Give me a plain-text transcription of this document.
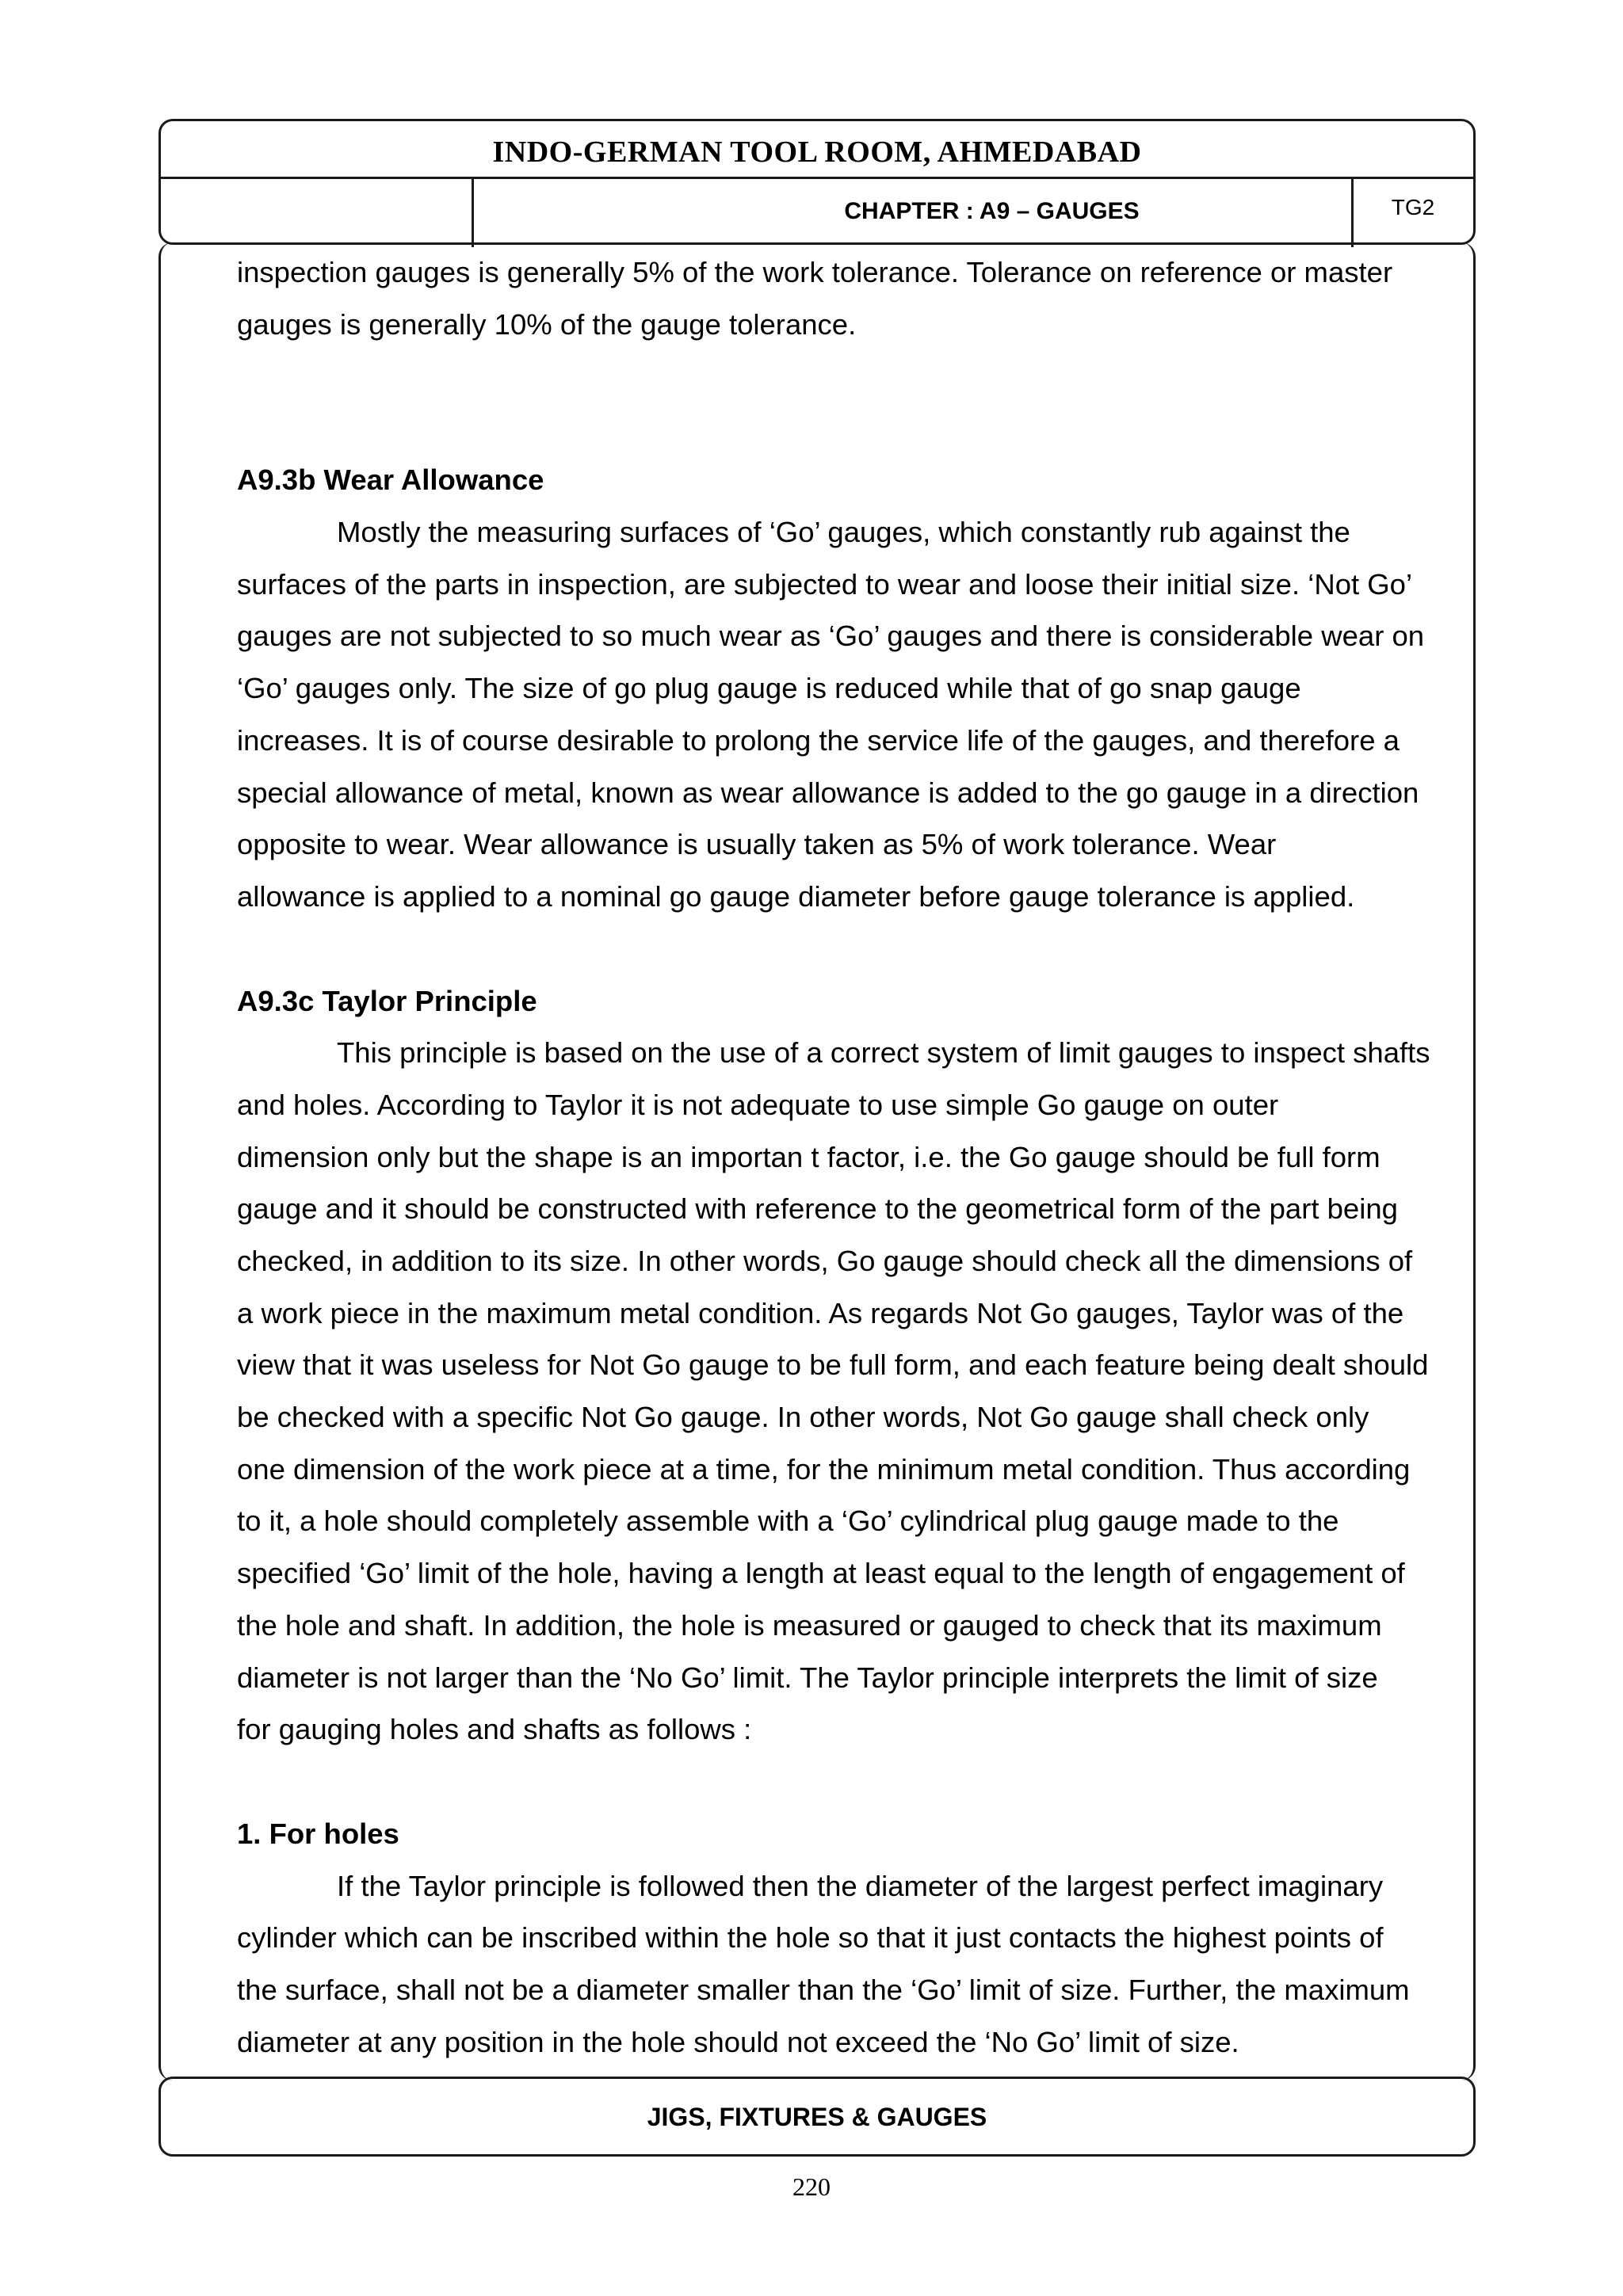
INDO-GERMAN TOOL ROOM, AHMEDABAD
CHAPTER : A9 – GAUGES	TG2
inspection gauges is generally 5% of the work tolerance. Tolerance on reference or master
gauges is generally 10% of the gauge tolerance.
A9.3b Wear Allowance
Mostly the measuring surfaces of ‘Go’ gauges, which constantly rub against the
surfaces of the parts in inspection, are subjected to wear and loose their initial size. ‘Not Go’
gauges are not subjected to so much wear as ‘Go’ gauges and there is considerable wear on
‘Go’ gauges only. The size of go plug gauge is reduced while that of go snap gauge
increases. It is of course desirable to prolong the service life of the gauges, and therefore a
special allowance of metal, known as wear allowance is added to the go gauge in a direction
opposite to wear. Wear allowance is usually taken as 5% of work tolerance. Wear
allowance is applied to a nominal go gauge diameter before gauge tolerance is applied.
A9.3c Taylor Principle
This principle is based on the use of a correct system of limit gauges to inspect shafts
and holes. According to Taylor it is not adequate to use simple Go gauge on outer
dimension only but the shape is an importan t factor, i.e. the Go gauge should be full form
gauge and it should be constructed with reference to the geometrical form of the part being
checked, in addition to its size. In other words, Go gauge should check all the dimensions of
a work piece in the maximum metal condition. As regards Not Go gauges, Taylor was of the
view that it was useless for Not Go gauge to be full form, and each feature being dealt should
be checked with a specific Not Go gauge. In other words, Not Go gauge shall check only
one dimension of the work piece at a time, for the minimum metal condition. Thus according
to it, a hole should completely assemble with a ‘Go’ cylindrical plug gauge made to the
specified ‘Go’ limit of the hole, having a length at least equal to the length of engagement of
the hole and shaft. In addition, the hole is measured or gauged to check that its maximum
diameter is not larger than the ‘No Go’ limit. The Taylor principle interprets the limit of size
for gauging holes and shafts as follows :
1. For holes
If the Taylor principle is followed then the diameter of the largest perfect imaginary
cylinder which can be inscribed within the hole so that it just contacts the highest points of
the surface, shall not be a diameter smaller than the ‘Go’ limit of size. Further, the maximum
diameter at any position in the hole should not exceed the ‘No Go’ limit of size.
JIGS, FIXTURES & GAUGES
220
